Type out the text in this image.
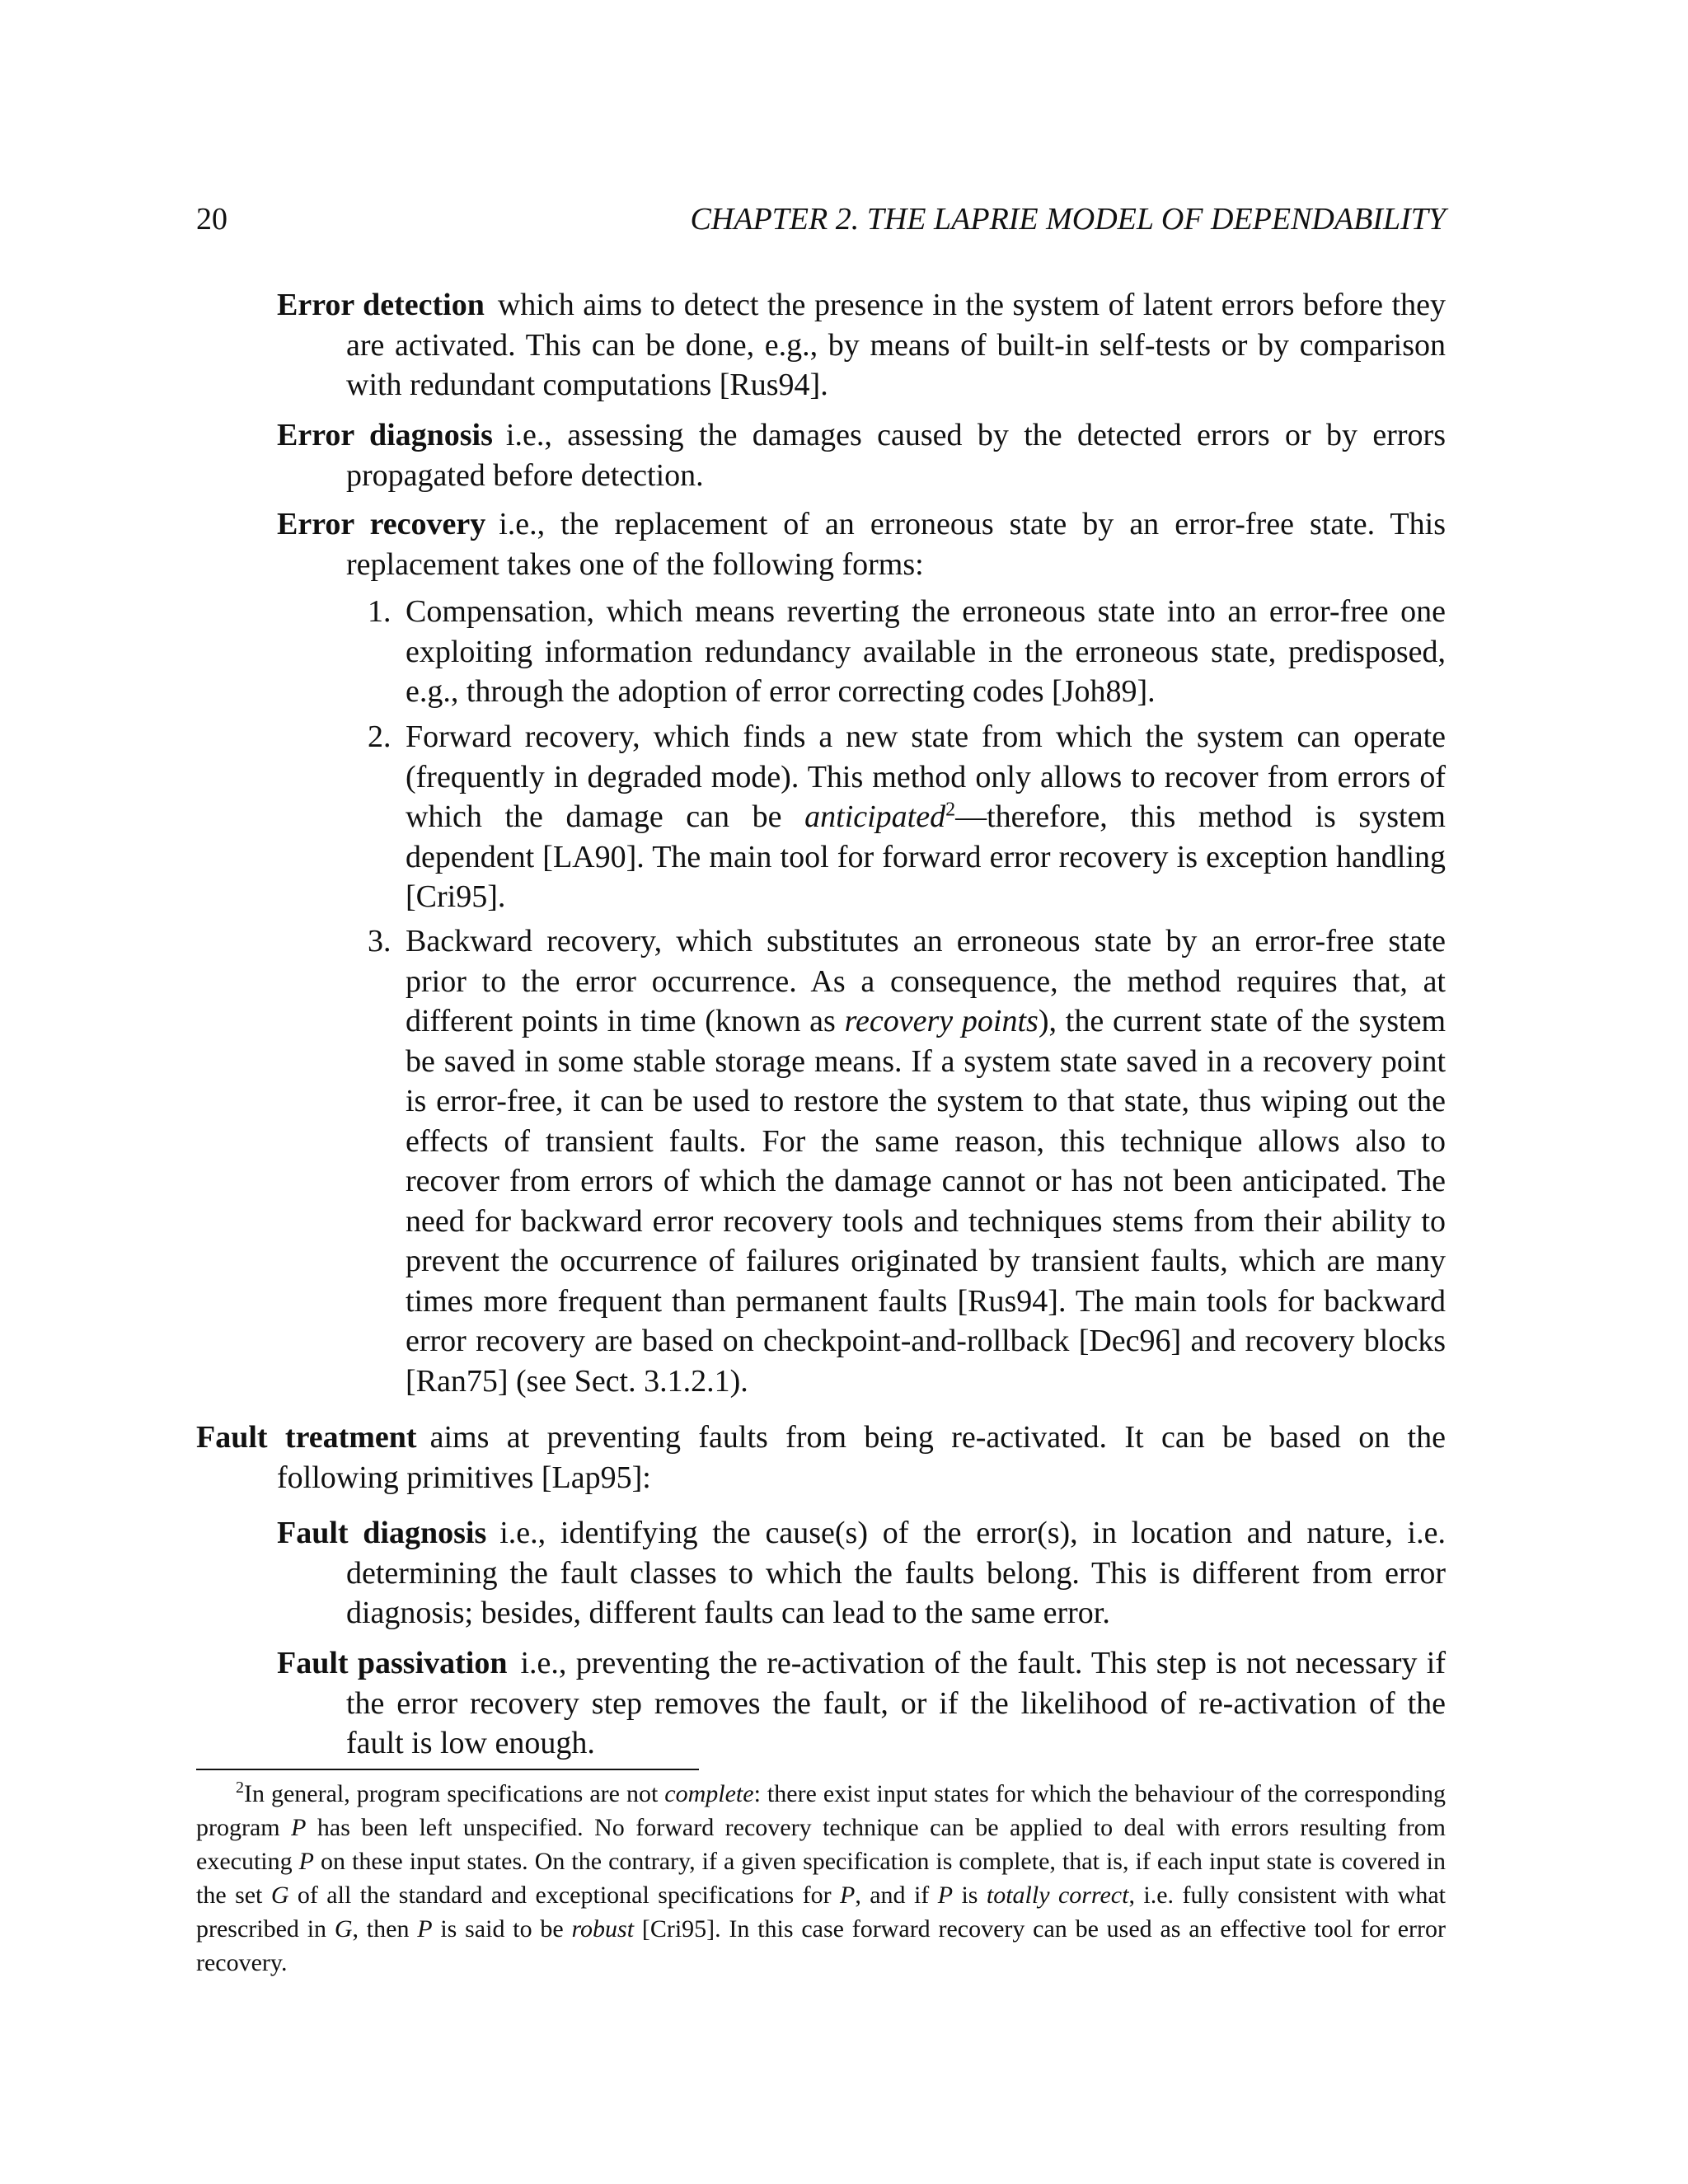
20	CHAPTER 2. THE LAPRIE MODEL OF DEPENDABILITY
Error detection which aims to detect the presence in the system of latent errors before they are activated. This can be done, e.g., by means of built-in self-tests or by comparison with redundant computations [Rus94].
Error diagnosis i.e., assessing the damages caused by the detected errors or by errors propagated before detection.
Error recovery i.e., the replacement of an erroneous state by an error-free state. This replacement takes one of the following forms:
1. Compensation, which means reverting the erroneous state into an error-free one exploiting information redundancy available in the erroneous state, predisposed, e.g., through the adoption of error correcting codes [Joh89].
2. Forward recovery, which finds a new state from which the system can operate (frequently in degraded mode). This method only allows to recover from errors of which the damage can be anticipated$^2$—therefore, this method is system dependent [LA90]. The main tool for forward error recovery is exception handling [Cri95].
3. Backward recovery, which substitutes an erroneous state by an error-free state prior to the error occurrence. As a consequence, the method requires that, at different points in time (known as recovery points), the current state of the system be saved in some stable storage means. If a system state saved in a recovery point is error-free, it can be used to restore the system to that state, thus wiping out the effects of transient faults. For the same reason, this technique allows also to recover from errors of which the damage cannot or has not been anticipated. The need for backward error recovery tools and techniques stems from their ability to prevent the occurrence of failures originated by transient faults, which are many times more frequent than permanent faults [Rus94]. The main tools for backward error recovery are based on checkpoint-and-rollback [Dec96] and recovery blocks [Ran75] (see Sect. 3.1.2.1).
Fault treatment aims at preventing faults from being re-activated. It can be based on the following primitives [Lap95]:
Fault diagnosis i.e., identifying the cause(s) of the error(s), in location and nature, i.e. determining the fault classes to which the faults belong. This is different from error diagnosis; besides, different faults can lead to the same error.
Fault passivation i.e., preventing the re-activation of the fault. This step is not necessary if the error recovery step removes the fault, or if the likelihood of re-activation of the fault is low enough.
$^2$In general, program specifications are not complete: there exist input states for which the behaviour of the corresponding program P has been left unspecified. No forward recovery technique can be applied to deal with errors resulting from executing P on these input states. On the contrary, if a given specification is complete, that is, if each input state is covered in the set G of all the standard and exceptional specifications for P, and if P is totally correct, i.e. fully consistent with what prescribed in G, then P is said to be robust [Cri95]. In this case forward recovery can be used as an effective tool for error recovery.
